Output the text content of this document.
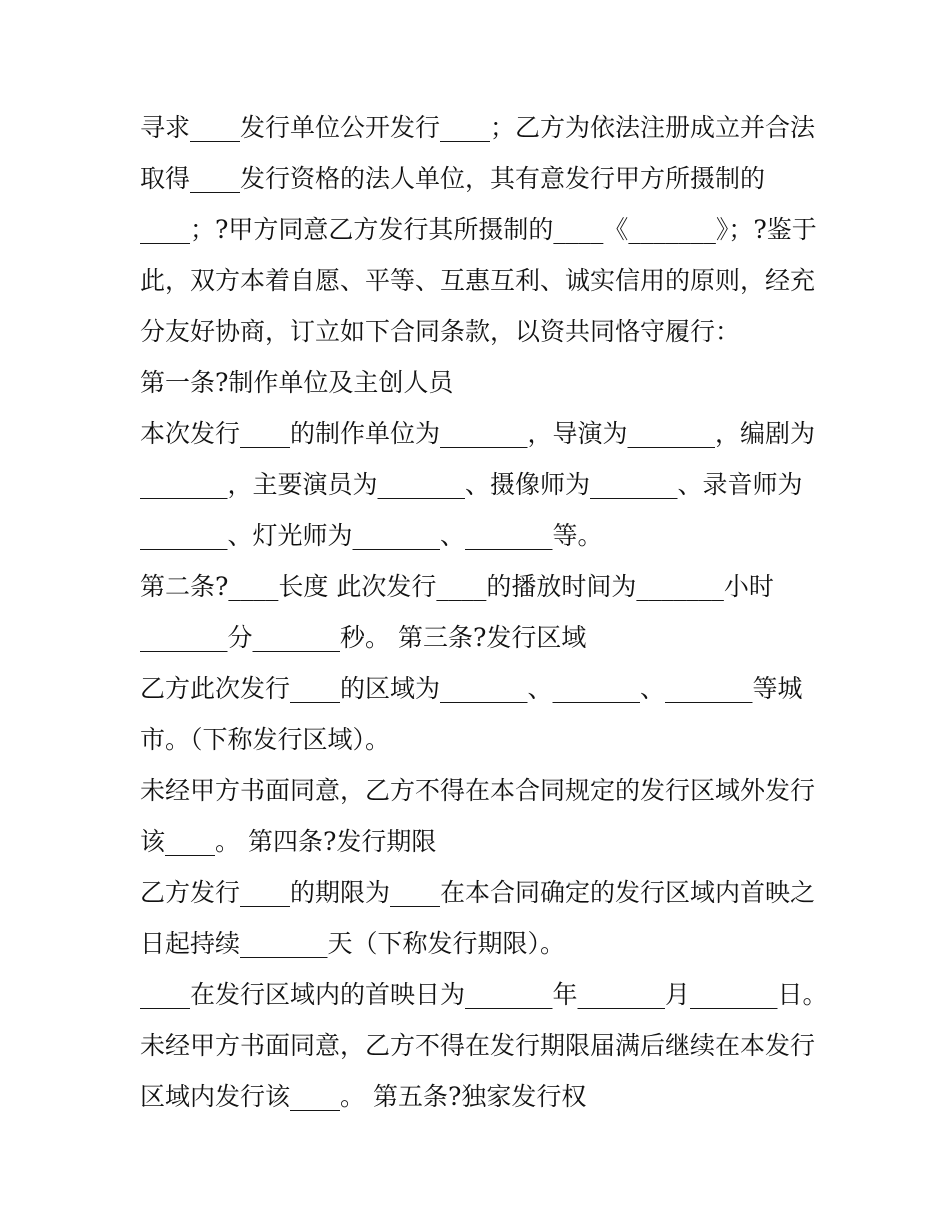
寻求____发行单位公开发行____；乙方为依法注册成立并合法
取得____发行资格的法人单位，其有意发行甲方所摄制的
____；?甲方同意乙方发行其所摄制的____《_______》；?鉴于
此，双方本着自愿、平等、互惠互利、诚实信用的原则，经充
分友好协商，订立如下合同条款，以资共同恪守履行：
第一条?制作单位及主创人员
本次发行____的制作单位为_______，导演为_______，编剧为
_______，主要演员为_______、摄像师为_______、录音师为
_______、灯光师为_______、_______等。
第二条?____长度 此次发行____的播放时间为_______小时
_______分_______秒。 第三条?发行区域
乙方此次发行____的区域为_______、_______、_______等城
市。（下称发行区域）。
未经甲方书面同意，乙方不得在本合同规定的发行区域外发行
该____。 第四条?发行期限
乙方发行____的期限为____在本合同确定的发行区域内首映之
日起持续_______天（下称发行期限）。
____在发行区域内的首映日为_______年_______月_______日。
未经甲方书面同意，乙方不得在发行期限届满后继续在本发行
区域内发行该____。 第五条?独家发行权
